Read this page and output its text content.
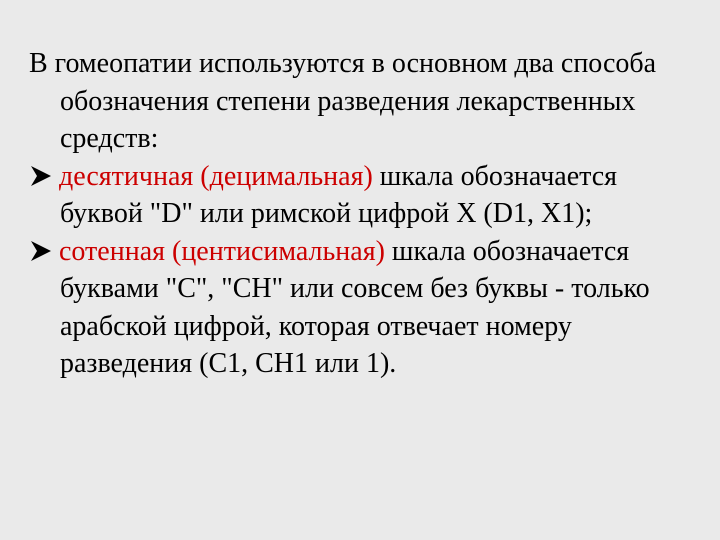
В гомеопатии используются в основном два способа обозначения степени разведения лекарственных средств:

десятичная (децимальная) шкала обозначается буквой "D" или римской цифрой X (D1, X1);

сотенная (центисимальная) шкала обозначается буквами "C", "CH" или совсем без буквы - только арабской цифрой, которая отвечает номеру разведения (С1, СН1 или 1).
